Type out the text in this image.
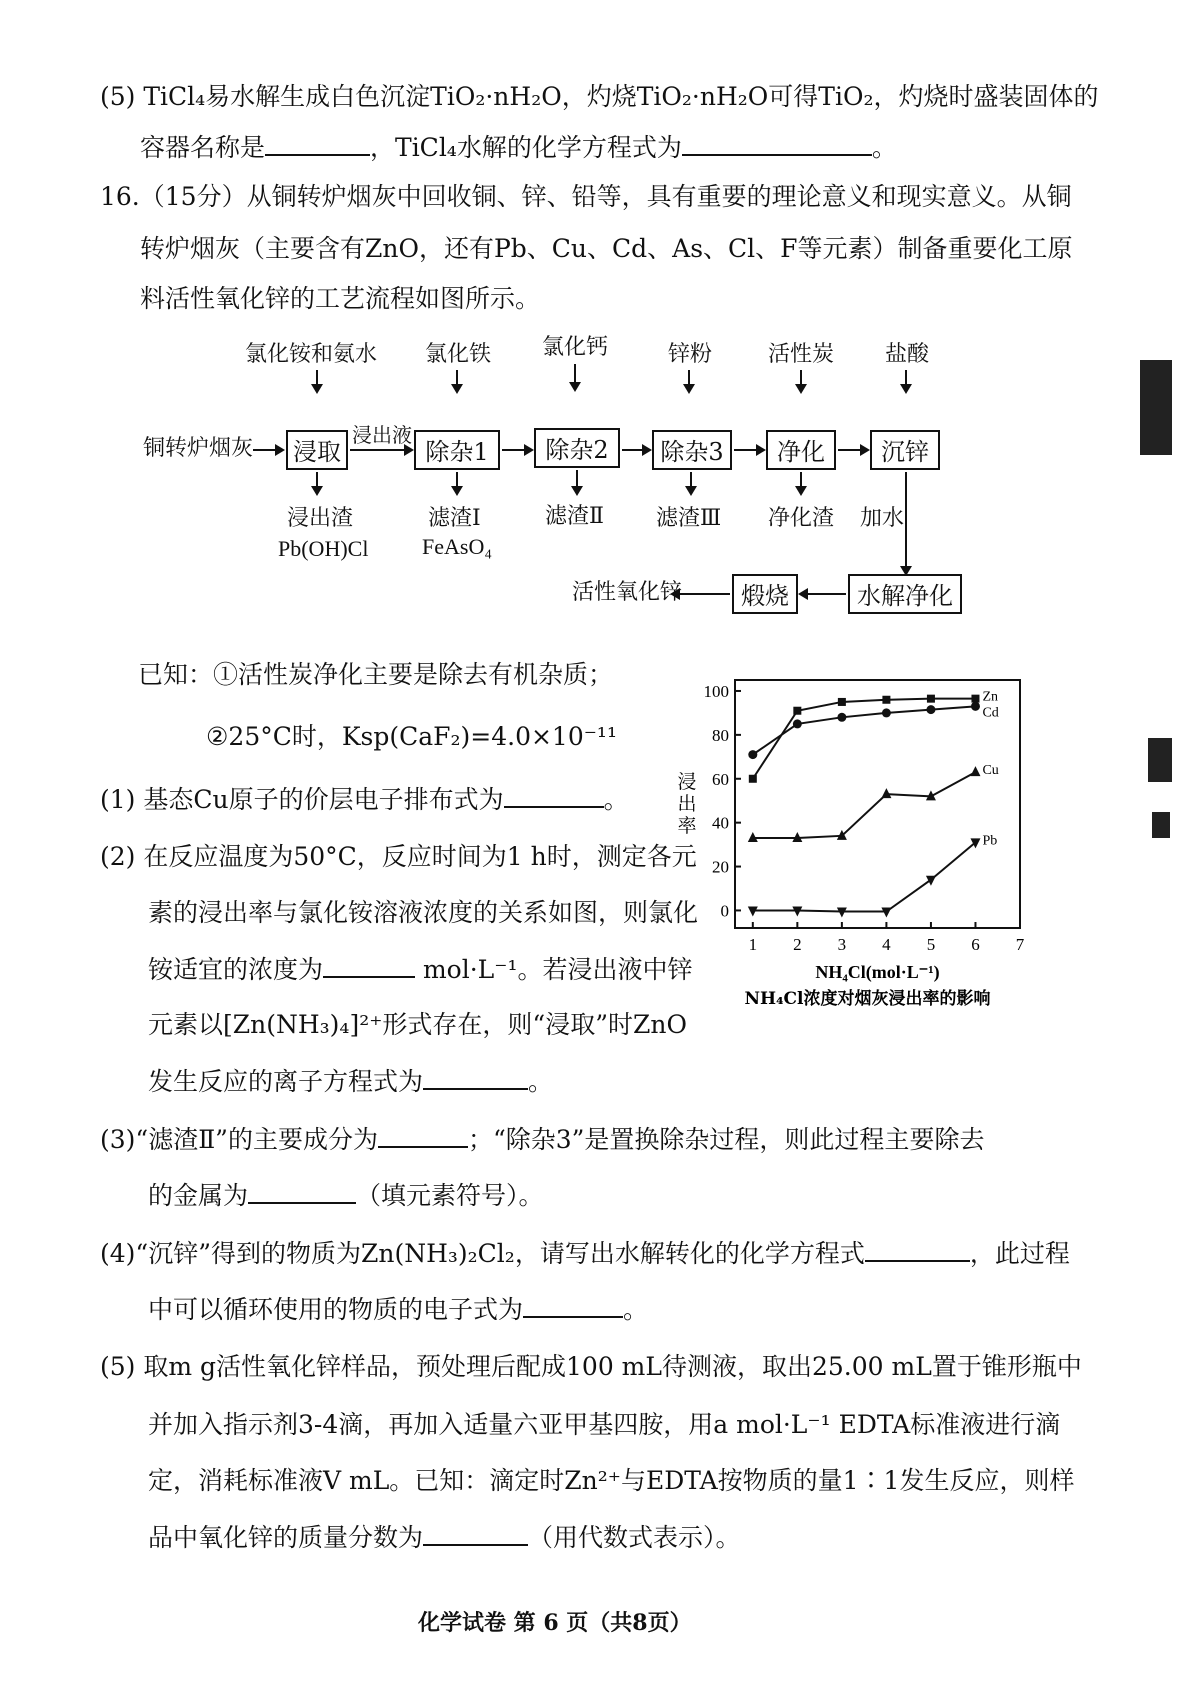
(5) TiCl₄易水解生成白色沉淀TiO₂·nH₂O，灼烧TiO₂·nH₂O可得TiO₂，灼烧时盛装固体的
容器名称是	，TiCl₄水解的化学方程式为	。
16.（15分）从铜转炉烟灰中回收铜、锌、铅等，具有重要的理论意义和现实意义。从铜
转炉烟灰（主要含有ZnO，还有Pb、Cu、Cd、As、Cl、F等元素）制备重要化工原
料活性氧化锌的工艺流程如图所示。
氯化铵和氨水 氯化铁 氯化钙	锌粉	活性炭 盐酸
铜转炉烟灰 浸取
浸出液
除杂1	除杂2	除杂3	净化	沉锌
浸出渣
Pb(OH)Cl
滤渣Ⅰ
FeAsO₄
滤渣Ⅱ 滤渣Ⅲ 净化渣 加水
水解净化
煅烧
活性氧化锌
已知：①活性炭净化主要是除去有机杂质；
②25°C时，Ksp(CaF₂)=4.0×10⁻¹¹
0
20
40
60
80
100
1 2 3 4 5 6 7
浸
出
率
NH₄Cl(mol·L⁻¹)
NH₄Cl浓度对烟灰浸出率的影响
Zn
Cd
Cu
Pb
(1) 基态Cu原子的价层电子排布式为	。
(2) 在反应温度为50°C，反应时间为1 h时，测定各元
素的浸出率与氯化铵溶液浓度的关系如图，则氯化
铵适宜的浓度为	mol·L⁻¹。若浸出液中锌
元素以[Zn(NH₃)₄]²⁺形式存在，则“浸取”时ZnO
发生反应的离子方程式为	。
(3)“滤渣Ⅱ”的主要成分为	；“除杂3”是置换除杂过程，则此过程主要除去
的金属为	（填元素符号）。
(4)“沉锌”得到的物质为Zn(NH₃)₂Cl₂，请写出水解转化的化学方程式	，此过程
中可以循环使用的物质的电子式为	。
(5) 取m g活性氧化锌样品，预处理后配成100 mL待测液，取出25.00 mL置于锥形瓶中
并加入指示剂3-4滴，再加入适量六亚甲基四胺，用a mol·L⁻¹ EDTA标准液进行滴
定，消耗标准液V mL。已知：滴定时Zn²⁺与EDTA按物质的量1∶1发生反应，则样
品中氧化锌的质量分数为	（用代数式表示）。
化学试卷 第 6 页（共8页）
